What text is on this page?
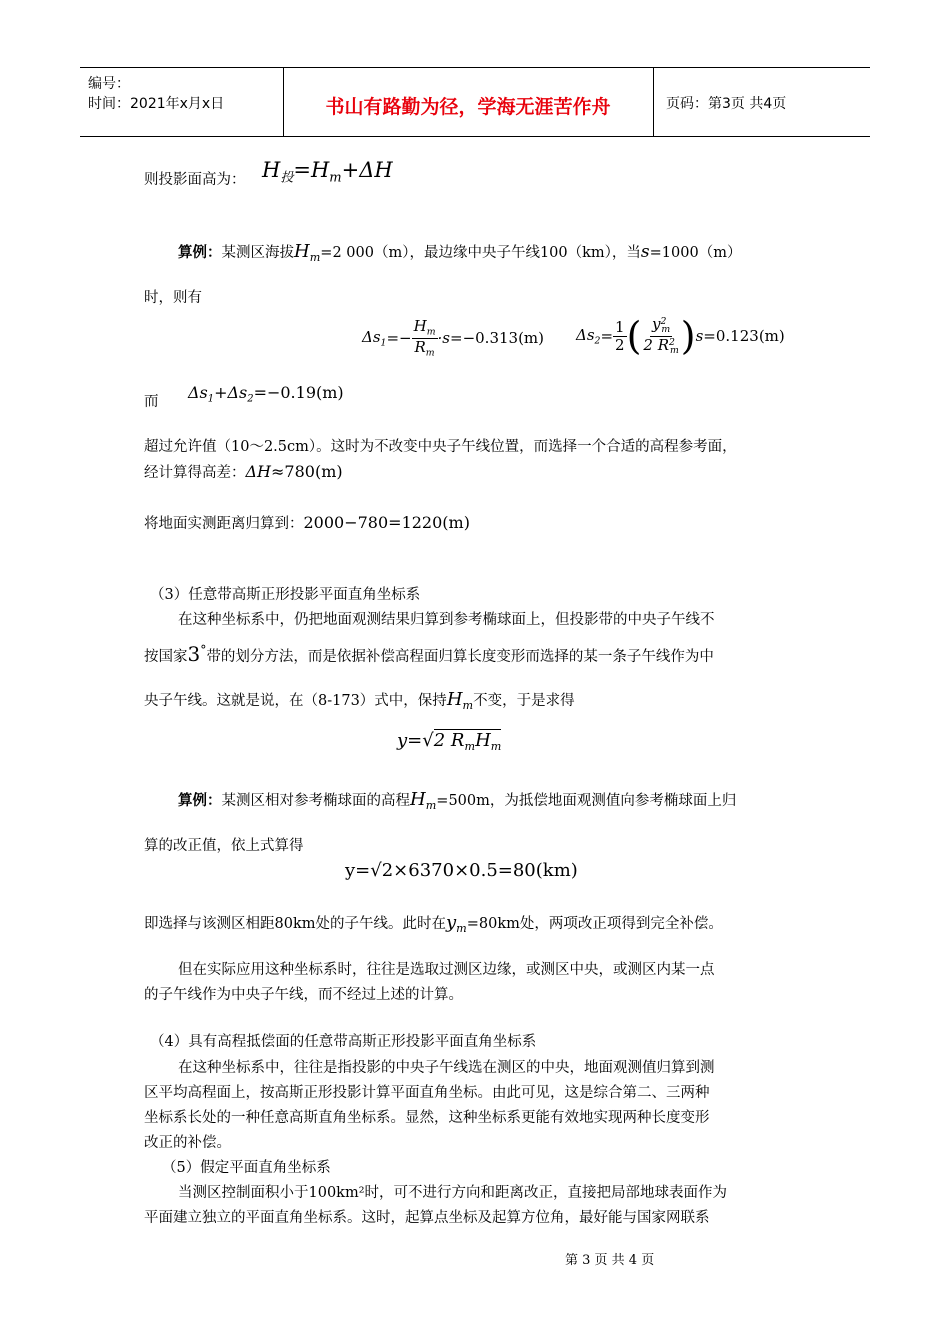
编号：
时间：2021年x月x日	书山有路勤为径，学海无涯苦作舟	页码：第3页 共4页
则投影面高为： $H_投=H_m+\Delta H$
算例：某测区海拔$H_m=2$ 000（m），最边缘中央子午线100（km），当s=1000（m）
时，则有
$\Delta s_1 =- \frac{H_m}{R_m} \cdot s = -0.313(m) \Delta s_2 = \frac{1}{2}$ ( $\frac{y^2_m}{2 R^2_m}$ ) s = 0.123(m)
而 $\Delta s_1+\Delta s_2=-0.19(m)$
超过允许值（10～2.5cm）。这时为不改变中央子午线位置，而选择一个合适的高程参考面，
经计算得高差：ΔH≈780(m)
将地面实测距离归算到：2000−780=1220(m)
（3）任意带高斯正形投影平面直角坐标系
在这种坐标系中，仍把地面观测结果归算到参考椭球面上，但投影带的中央子午线不
按国家3°带的划分方法，而是依据补偿高程面归算长度变形而选择的某一条子午线作为中
央子午线。这就是说，在（8-173）式中，保持$H_m$不变，于是求得
y=√2 $R_mH_m$
算例：某测区相对参考椭球面的高程$H_m=500m$，为抵偿地面观测值向参考椭球面上归
算的改正值，依上式算得
y=√2×6370×0.5=80(km)
即选择与该测区相距80km处的子午线。此时在$y_m=80km$处，两项改正项得到完全补偿。
但在实际应用这种坐标系时，往往是选取过测区边缘，或测区中央，或测区内某一点
的子午线作为中央子午线，而不经过上述的计算。
（4）具有高程抵偿面的任意带高斯正形投影平面直角坐标系
在这种坐标系中，往往是指投影的中央子午线选在测区的中央，地面观测值归算到测
区平均高程面上，按高斯正形投影计算平面直角坐标。由此可见，这是综合第二、三两种
坐标系长处的一种任意高斯直角坐标系。显然，这种坐标系更能有效地实现两种长度变形
改正的补偿。
（5）假定平面直角坐标系
当测区控制面积小于100km²时，可不进行方向和距离改正，直接把局部地球表面作为
平面建立独立的平面直角坐标系。这时，起算点坐标及起算方位角，最好能与国家网联系
第 3 页 共 4 页
